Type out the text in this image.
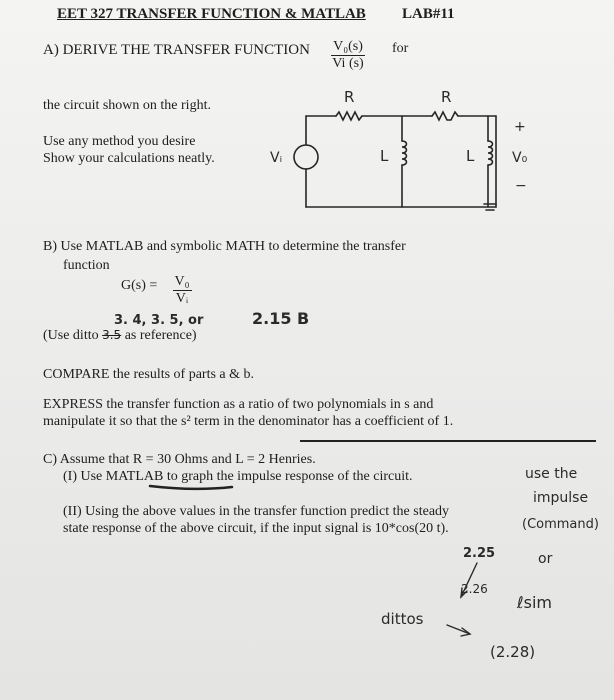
EET 327 TRANSFER FUNCTION & MATLAB LAB#11
A) DERIVE THE TRANSFER FUNCTION $\frac{\text{V₀(s)}}{Vi (s)}$ for
the circuit shown on the right.
Use any method you desire
Show your calculations neatly.	Vᵢ
R	R
L	L	V₀
+
−
B) Use MATLAB and symbolic MATH to determine the transfer
function
$G(s) = \frac{\text{V₀}}{\text{Vᵢ}}$
3. 4, 3. 5, or	2.15 B
(Use ditto 3.5 as reference)
COMPARE the results of parts a & b.
EXPRESS the transfer function as a ratio of two polynomials in s and
manipulate it so that the s² term in the denominator has a coefficient of 1.
C) Assume that R = 30 Ohms and L = 2 Henries.
(I) Use MATLAB to graph the impulse response of the circuit.
(II) Using the above values in the transfer function predict the steady
state response of the above circuit, if the input signal is 10*cos(20 t).
use the
impulse
(Command)
2.25	or
2.26
ℓsim
dittos
(2.28)
